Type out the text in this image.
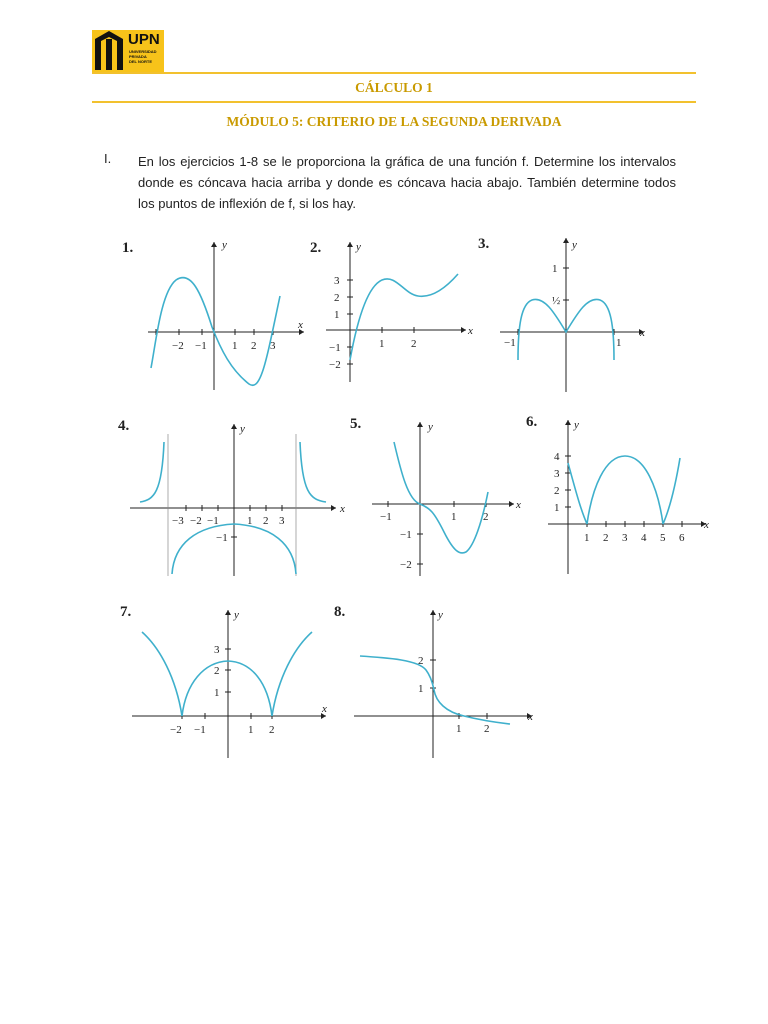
UPN
UNIVERSIDAD
PRIVADA
DEL NORTE
CÁLCULO 1
MÓDULO 5: CRITERIO DE LA SEGUNDA DERIVADA
I. En los ejercicios 1-8 se le proporciona la gráfica de una función f. Determine los intervalos donde es cóncava hacia arriba y donde es cóncava hacia abajo. También determine todos los puntos de inflexión de f, si los hay.

1.
x
y
−2 −1 1 2 3
2.
x
y
1 2
3
2
1
−1
−2
3.
x
y
−1	1
1
½
4.
x
y
−3 −2 −1	1 2 3
−1
5.
x
y
−1	1 2
−1
−2
6.
x
y
1 2 3 4 5 6
4
3
2
1
7.
x
y
−2 −1	1 2
3
2
1
8.
x
y
1 2
2
1
